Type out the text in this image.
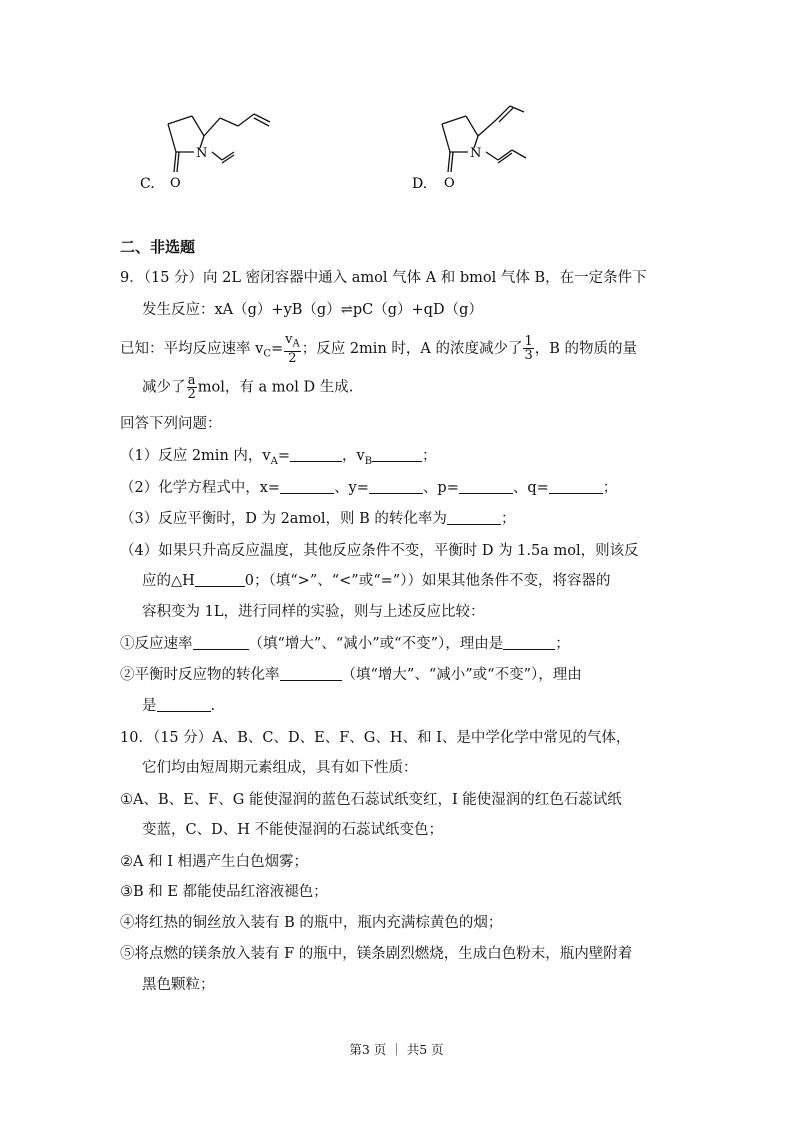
N
O
C.
N
O
D.
二、非选题
9．（15 分）向 2L 密闭容器中通入 amol 气体 A 和 bmol 气体 B，在一定条件下
发生反应：xA（g）+yB（g）⇌pC（g）+qD（g）
已知：平均反应速率 $v_C= \frac{v_A}{2}$ ；反应 2min 时，A 的浓度减少了 $\frac{1}{3}$ ，B 的物质的量
减少了 $\frac{a}{2}$ mol，有 a mol D 生成.
回答下列问题：
（1）反应 2min 内，$v_A=$	，$v_B$	；
（2）化学方程式中，x=	、y=	、p=	、q=	；
（3）反应平衡时，D 为 2amol，则 B 的转化率为	；
（4）如果只升高反应温度，其他反应条件不变，平衡时 D 为 1.5a mol，则该反
应的△H	0；（填“>”、“<”或“=”））如果其他条件不变，将容器的
容积变为 1L，进行同样的实验，则与上述反应比较：
①反应速率	（填“增大”、“减小”或“不变”），理由是	；
②平衡时反应物的转化率	（填“增大”、“减小”或“不变”），理由
是	.
10．（15 分）A、B、C、D、E、F、G、H、和 I、是中学化学中常见的气体，
它们均由短周期元素组成，具有如下性质：
①A、B、E、F、G 能使湿润的蓝色石蕊试纸变红，I 能使湿润的红色石蕊试纸
变蓝，C、D、H 不能使湿润的石蕊试纸变色；
②A 和 I 相遇产生白色烟雾；
③B 和 E 都能使品红溶液褪色；
④将红热的铜丝放入装有 B 的瓶中，瓶内充满棕黄色的烟；
⑤将点燃的镁条放入装有 F 的瓶中，镁条剧烈燃烧，生成白色粉末，瓶内壁附着
黑色颗粒；
第3 页 ｜ 共5 页
